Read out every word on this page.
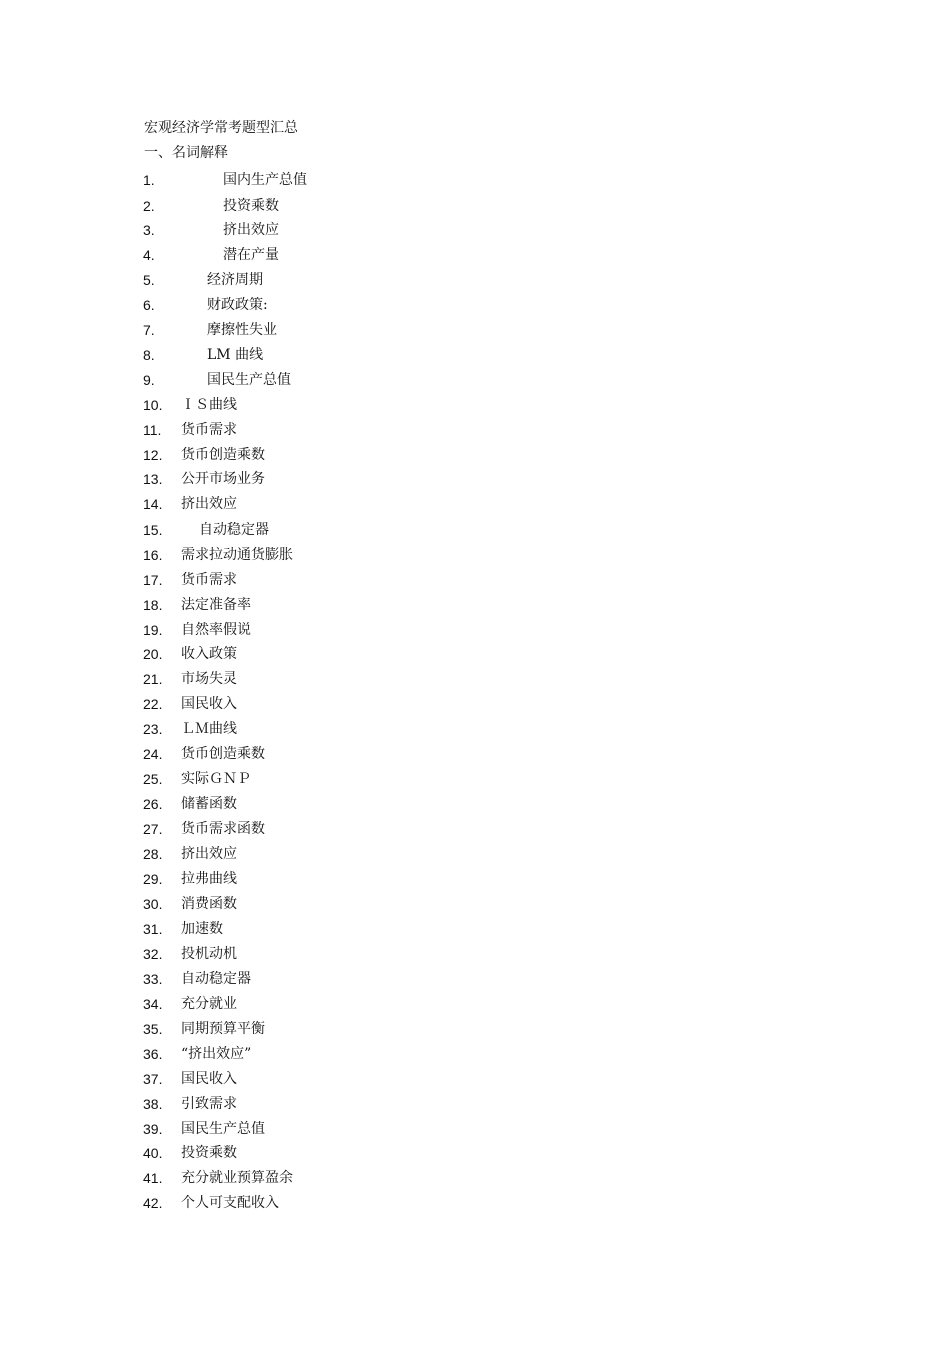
宏观经济学常考题型汇总
一、名词解释
1.	国内生产总值
2.	投资乘数
3.	挤出效应
4.	潜在产量
5.	经济周期
6.	财政政策:
7.	摩擦性失业
8.	LM 曲线
9.	国民生产总值
10. ＩＳ曲线
11. 货币需求
12. 货币创造乘数
13. 公开市场业务
14. 挤出效应
15.	自动稳定器
16. 需求拉动通货膨胀
17. 货币需求
18. 法定准备率
19. 自然率假说
20. 收入政策
21. 市场失灵
22. 国民收入
23. ＬＭ曲线
24. 货币创造乘数
25. 实际ＧＮＰ
26. 储蓄函数
27. 货币需求函数
28. 挤出效应
29. 拉弗曲线
30. 消费函数
31. 加速数
32. 投机动机
33. 自动稳定器
34. 充分就业
35. 同期预算平衡
36. “挤出效应”
37. 国民收入
38. 引致需求
39. 国民生产总值
40. 投资乘数
41. 充分就业预算盈余
42. 个人可支配收入
